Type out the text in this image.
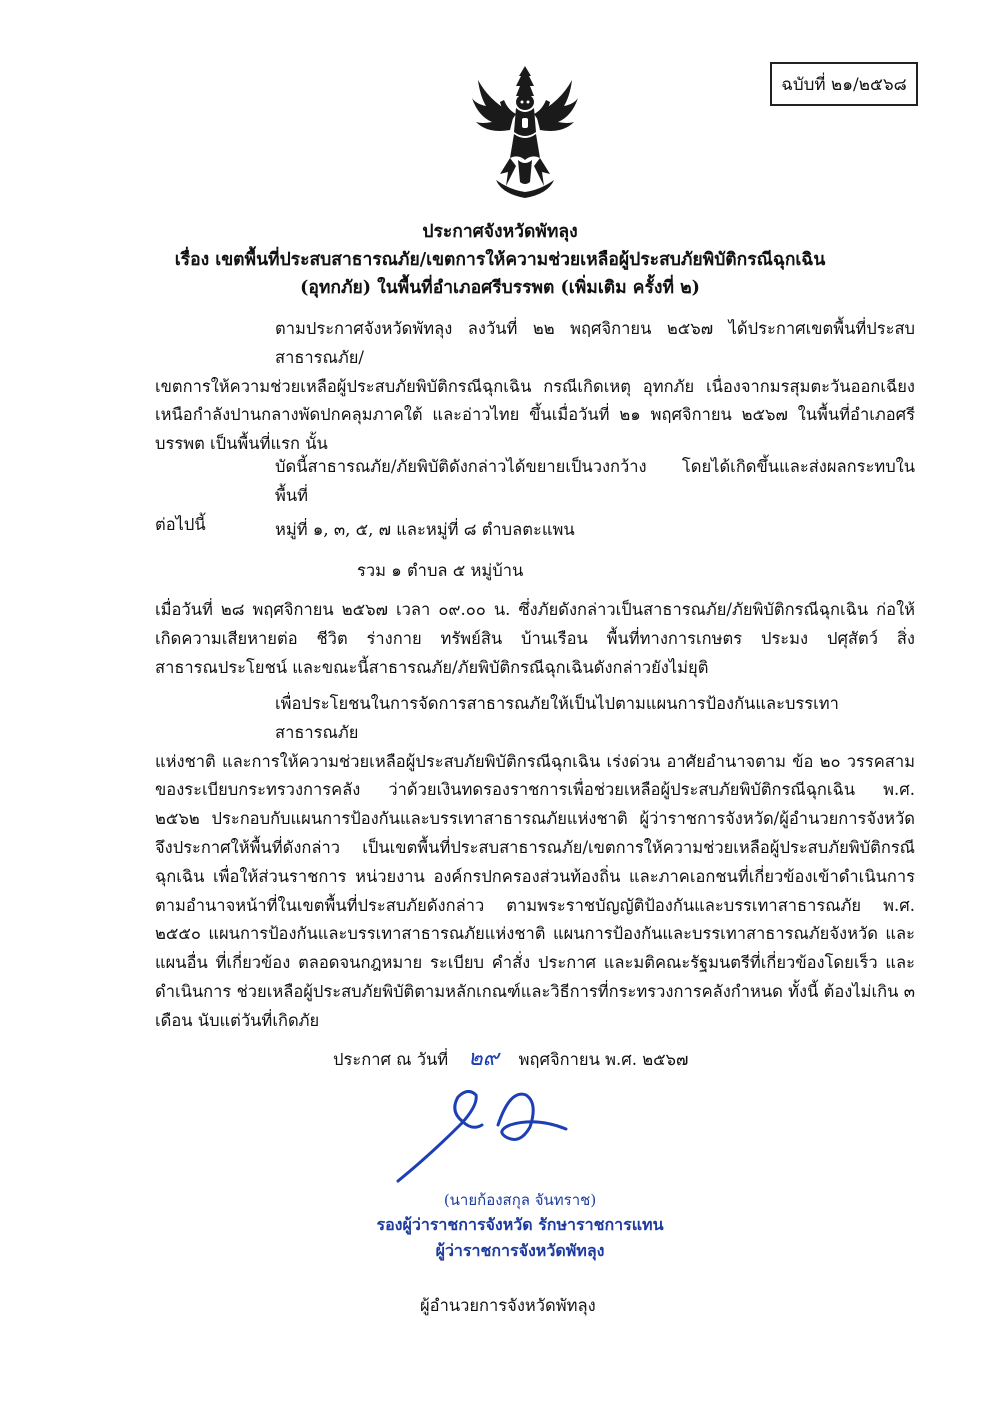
ฉบับที่ ๒๑/๒๕๖๘
ประกาศจังหวัดพัทลุง
เรื่อง เขตพื้นที่ประสบสาธารณภัย/เขตการให้ความช่วยเหลือผู้ประสบภัยพิบัติกรณีฉุกเฉิน
(อุทกภัย) ในพื้นที่อำเภอศรีบรรพต (เพิ่มเติม ครั้งที่ ๒)
ตามประกาศจังหวัดพัทลุง ลงวันที่ ๒๒ พฤศจิกายน ๒๕๖๗ ได้ประกาศเขตพื้นที่ประสบสาธารณภัย/
เขตการให้ความช่วยเหลือผู้ประสบภัยพิบัติกรณีฉุกเฉิน กรณีเกิดเหตุ อุทกภัย เนื่องจากมรสุมตะวันออกเฉียงเหนือกำลังปานกลางพัดปกคลุมภาคใต้ และอ่าวไทย ขึ้นเมื่อวันที่ ๒๑ พฤศจิกายน ๒๕๖๗ ในพื้นที่อำเภอศรีบรรพต เป็นพื้นที่แรก นั้น
บัดนี้สาธารณภัย/ภัยพิบัติดังกล่าวได้ขยายเป็นวงกว้าง โดยได้เกิดขึ้นและส่งผลกระทบในพื้นที่
ต่อไปนี้	หมู่ที่ ๑, ๓, ๕, ๗ และหมู่ที่ ๘ ตำบลตะแพน
รวม ๑ ตำบล ๕ หมู่บ้าน
เมื่อวันที่ ๒๘ พฤศจิกายน ๒๕๖๗ เวลา ๐๙.๐๐ น. ซึ่งภัยดังกล่าวเป็นสาธารณภัย/ภัยพิบัติกรณีฉุกเฉิน ก่อให้เกิดความเสียหายต่อ ชีวิต ร่างกาย ทรัพย์สิน บ้านเรือน พื้นที่ทางการเกษตร ประมง ปศุสัตว์ สิ่งสาธารณประโยชน์ และขณะนี้สาธารณภัย/ภัยพิบัติกรณีฉุกเฉินดังกล่าวยังไม่ยุติ
เพื่อประโยชนในการจัดการสาธารณภัยให้เป็นไปตามแผนการป้องกันและบรรเทาสาธารณภัย
แห่งชาติ และการให้ความช่วยเหลือผู้ประสบภัยพิบัติกรณีฉุกเฉิน เร่งด่วน อาศัยอำนาจตาม ข้อ ๒๐ วรรคสาม ของระเบียบกระทรวงการคลัง ว่าด้วยเงินทดรองราชการเพื่อช่วยเหลือผู้ประสบภัยพิบัติกรณีฉุกเฉิน พ.ศ. ๒๕๖๒ ประกอบกับแผนการป้องกันและบรรเทาสาธารณภัยแห่งชาติ ผู้ว่าราชการจังหวัด/ผู้อำนวยการจังหวัด จึงประกาศให้พื้นที่ดังกล่าว เป็นเขตพื้นที่ประสบสาธารณภัย/เขตการให้ความช่วยเหลือผู้ประสบภัยพิบัติกรณีฉุกเฉิน เพื่อให้ส่วนราชการ หน่วยงาน องค์กรปกครองส่วนท้องถิ่น และภาคเอกชนที่เกี่ยวข้องเข้าดำเนินการ ตามอำนาจหน้าที่ในเขตพื้นที่ประสบภัยดังกล่าว ตามพระราชบัญญัติป้องกันและบรรเทาสาธารณภัย พ.ศ. ๒๕๕๐ แผนการป้องกันและบรรเทาสาธารณภัยแห่งชาติ แผนการป้องกันและบรรเทาสาธารณภัยจังหวัด และแผนอื่น ที่เกี่ยวข้อง ตลอดจนกฎหมาย ระเบียบ คำสั่ง ประกาศ และมติคณะรัฐมนตรีที่เกี่ยวข้องโดยเร็ว และดำเนินการ ช่วยเหลือผู้ประสบภัยพิบัติตามหลักเกณฑ์และวิธีการที่กระทรวงการคลังกำหนด ทั้งนี้ ต้องไม่เกิน ๓ เดือน นับแต่วันที่เกิดภัย
ประกาศ ณ วันที่ ๒๙ พฤศจิกายน พ.ศ. ๒๕๖๗
(นายก้องสกุล จันทราช)
รองผู้ว่าราชการจังหวัด รักษาราชการแทน
ผู้ว่าราชการจังหวัดพัทลุง
ผู้อำนวยการจังหวัดพัทลุง
